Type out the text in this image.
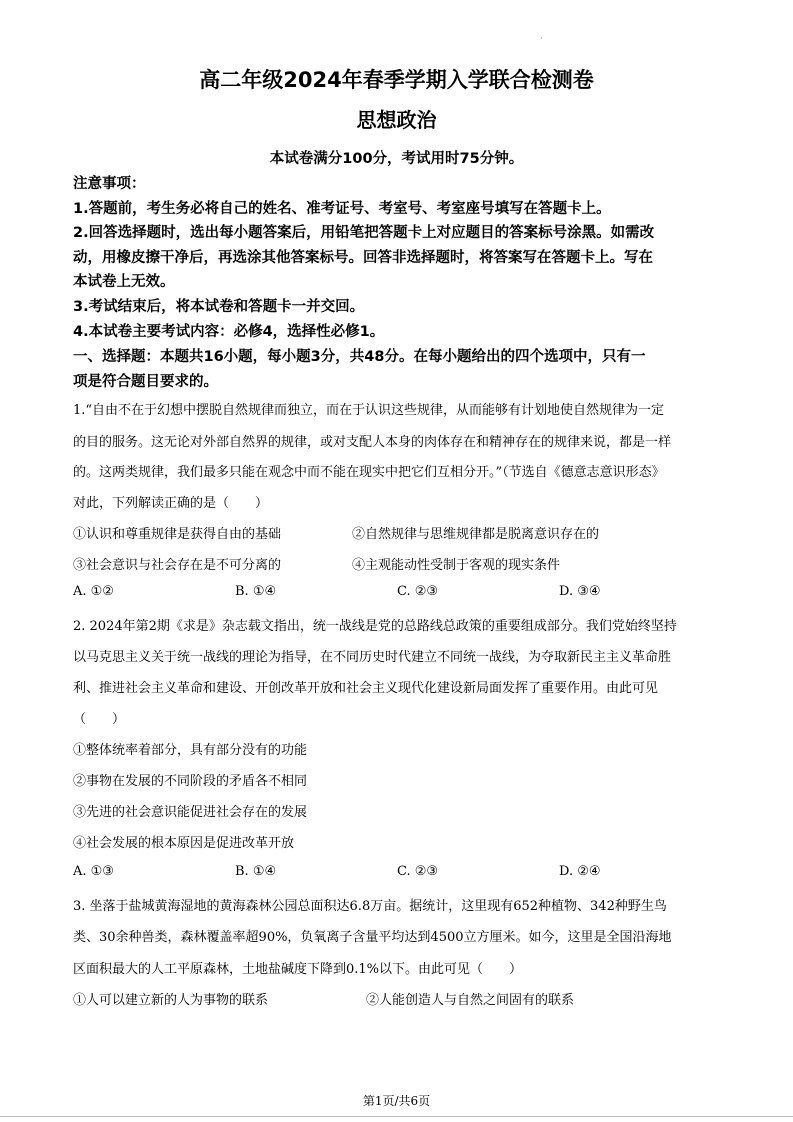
·
高二年级2024年春季学期入学联合检测卷
思想政治
本试卷满分100分，考试用时75分钟。
注意事项：
1.答题前，考生务必将自己的姓名、准考证号、考室号、考室座号填写在答题卡上。
2.回答选择题时，选出每小题答案后，用铅笔把答题卡上对应题目的答案标号涂黑。如需改
动，用橡皮擦干净后，再选涂其他答案标号。回答非选择题时，将答案写在答题卡上。写在
本试卷上无效。
3.考试结束后，将本试卷和答题卡一并交回。
4.本试卷主要考试内容：必修4，选择性必修1。
一、选择题：本题共16小题，每小题3分，共48分。在每小题给出的四个选项中，只有一
项是符合题目要求的。
1.“自由不在于幻想中摆脱自然规律而独立，而在于认识这些规律，从而能够有计划地使自然规律为一定
的目的服务。这无论对外部自然界的规律，或对支配人本身的肉体存在和精神存在的规律来说，都是一样
的。这两类规律，我们最多只能在观念中而不能在现实中把它们互相分开。”（节选自《德意志意识形态》
对此，下列解读正确的是（　　）
①认识和尊重规律是获得自由的基础	②自然规律与思维规律都是脱离意识存在的
③社会意识与社会存在是不可分离的	④主观能动性受制于客观的现实条件
A. ①②	B. ①④	C. ②③	D. ③④
2. 2024年第2期《求是》杂志载文指出，统一战线是党的总路线总政策的重要组成部分。我们党始终坚持
以马克思主义关于统一战线的理论为指导，在不同历史时代建立不同统一战线，为夺取新民主主义革命胜
利、推进社会主义革命和建设、开创改革开放和社会主义现代化建设新局面发挥了重要作用。由此可见
（　　）
①整体统率着部分，具有部分没有的功能
②事物在发展的不同阶段的矛盾各不相同
③先进的社会意识能促进社会存在的发展
④社会发展的根本原因是促进改革开放
A. ①③	B. ①④	C. ②③	D. ②④
3. 坐落于盐城黄海湿地的黄海森林公园总面积达6.8万亩。据统计，这里现有652种植物、342种野生鸟
类、30余种兽类，森林覆盖率超90%，负氧离子含量平均达到4500立方厘米。如今，这里是全国沿海地
区面积最大的人工平原森林，土地盐碱度下降到0.1%以下。由此可见（　　）
①人可以建立新的人为事物的联系	②人能创造人与自然之间固有的联系
第1页/共6页
